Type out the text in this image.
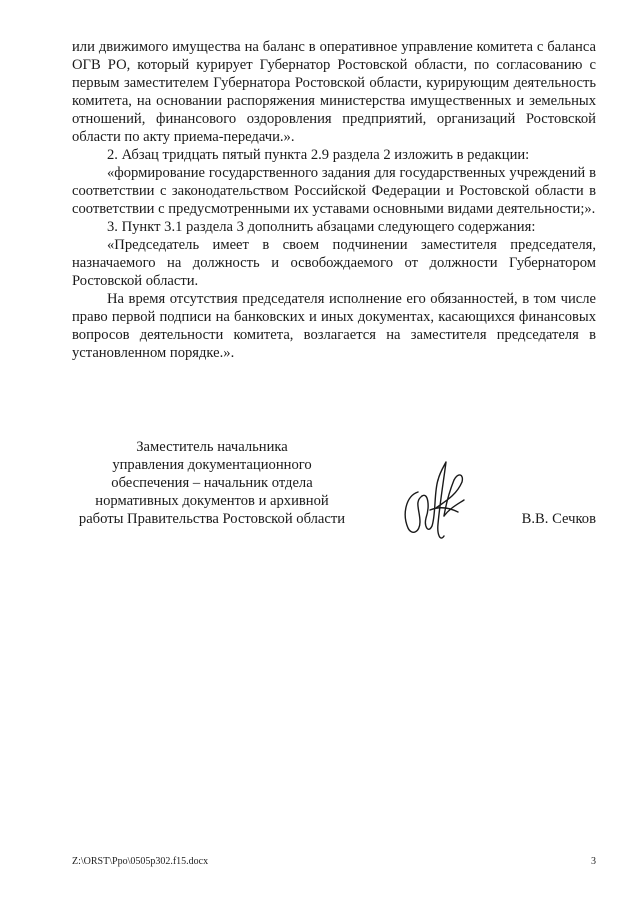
или движимого имущества на баланс в оперативное управление комитета с баланса ОГВ РО, который курирует Губернатор Ростовской области, по согласованию с первым заместителем Губернатора Ростовской области, курирующим деятельность комитета, на основании распоряжения министерства имущественных и земельных отношений, финансового оздоровления предприятий, организаций Ростовской области по акту приема-передачи.».

2. Абзац тридцать пятый пункта 2.9 раздела 2 изложить в редакции:

«формирование государственного задания для государственных учреждений в соответствии с законодательством Российской Федерации и Ростовской области в соответствии с предусмотренными их уставами основными видами деятельности;».

3. Пункт 3.1 раздела 3 дополнить абзацами следующего содержания:

«Председатель имеет в своем подчинении заместителя председателя, назначаемого на должность и освобождаемого от должности Губернатором Ростовской области.

На время отсутствия председателя исполнение его обязанностей, в том числе право первой подписи на банковских и иных документах, касающихся финансовых вопросов деятельности комитета, возлагается на заместителя председателя в установленном порядке.».

Заместитель начальника
управления документационного
обеспечения – начальник отдела
нормативных документов и архивной
работы Правительства Ростовской области	В.В. Сечков
Z:\ORST\Ppo\0505p302.f15.docx	3
